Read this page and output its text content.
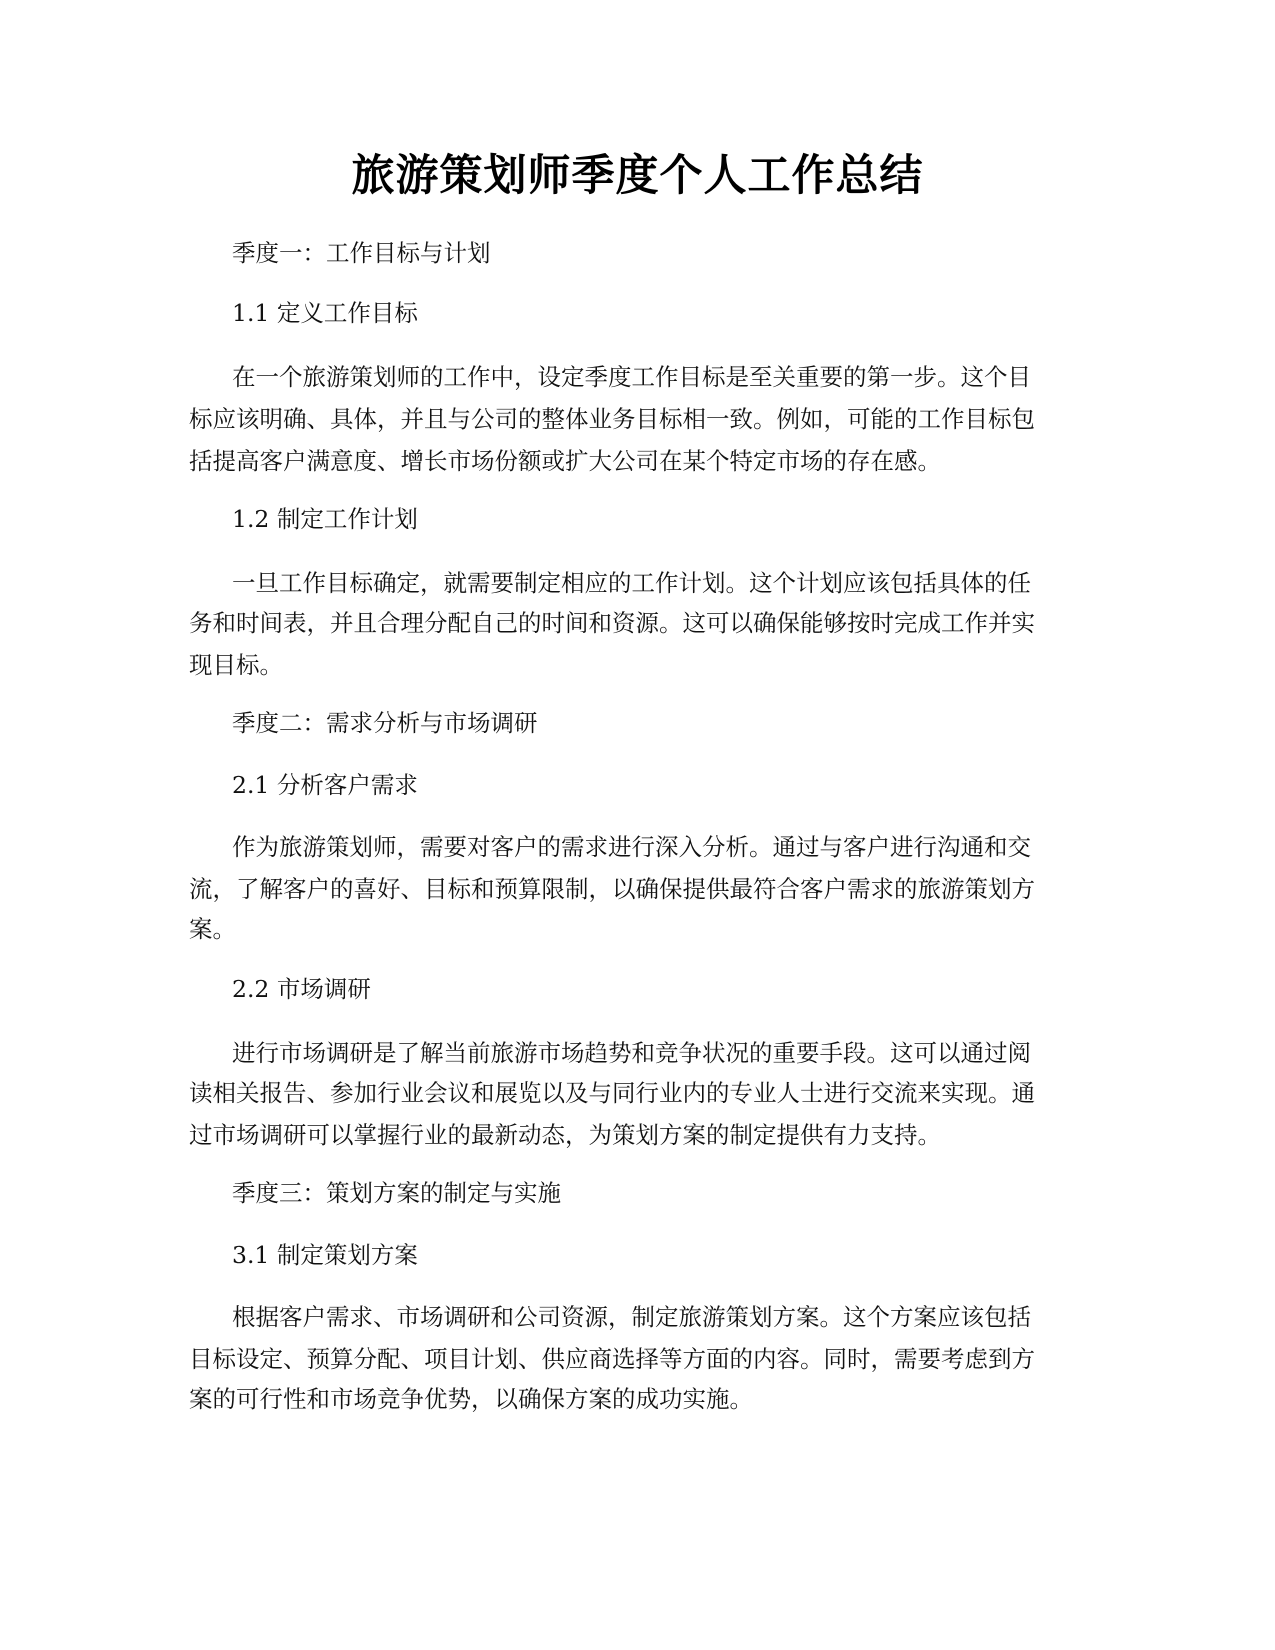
旅游策划师季度个人工作总结
季度一：工作目标与计划
1.1 定义工作目标
在一个旅游策划师的工作中，设定季度工作目标是至关重要的第一步。这个目
标应该明确、具体，并且与公司的整体业务目标相一致。例如，可能的工作目标包
括提高客户满意度、增长市场份额或扩大公司在某个特定市场的存在感。
1.2 制定工作计划
一旦工作目标确定，就需要制定相应的工作计划。这个计划应该包括具体的任
务和时间表，并且合理分配自己的时间和资源。这可以确保能够按时完成工作并实
现目标。
季度二：需求分析与市场调研
2.1 分析客户需求
作为旅游策划师，需要对客户的需求进行深入分析。通过与客户进行沟通和交
流，了解客户的喜好、目标和预算限制，以确保提供最符合客户需求的旅游策划方
案。
2.2 市场调研
进行市场调研是了解当前旅游市场趋势和竞争状况的重要手段。这可以通过阅
读相关报告、参加行业会议和展览以及与同行业内的专业人士进行交流来实现。通
过市场调研可以掌握行业的最新动态，为策划方案的制定提供有力支持。
季度三：策划方案的制定与实施
3.1 制定策划方案
根据客户需求、市场调研和公司资源，制定旅游策划方案。这个方案应该包括
目标设定、预算分配、项目计划、供应商选择等方面的内容。同时，需要考虑到方
案的可行性和市场竞争优势，以确保方案的成功实施。
